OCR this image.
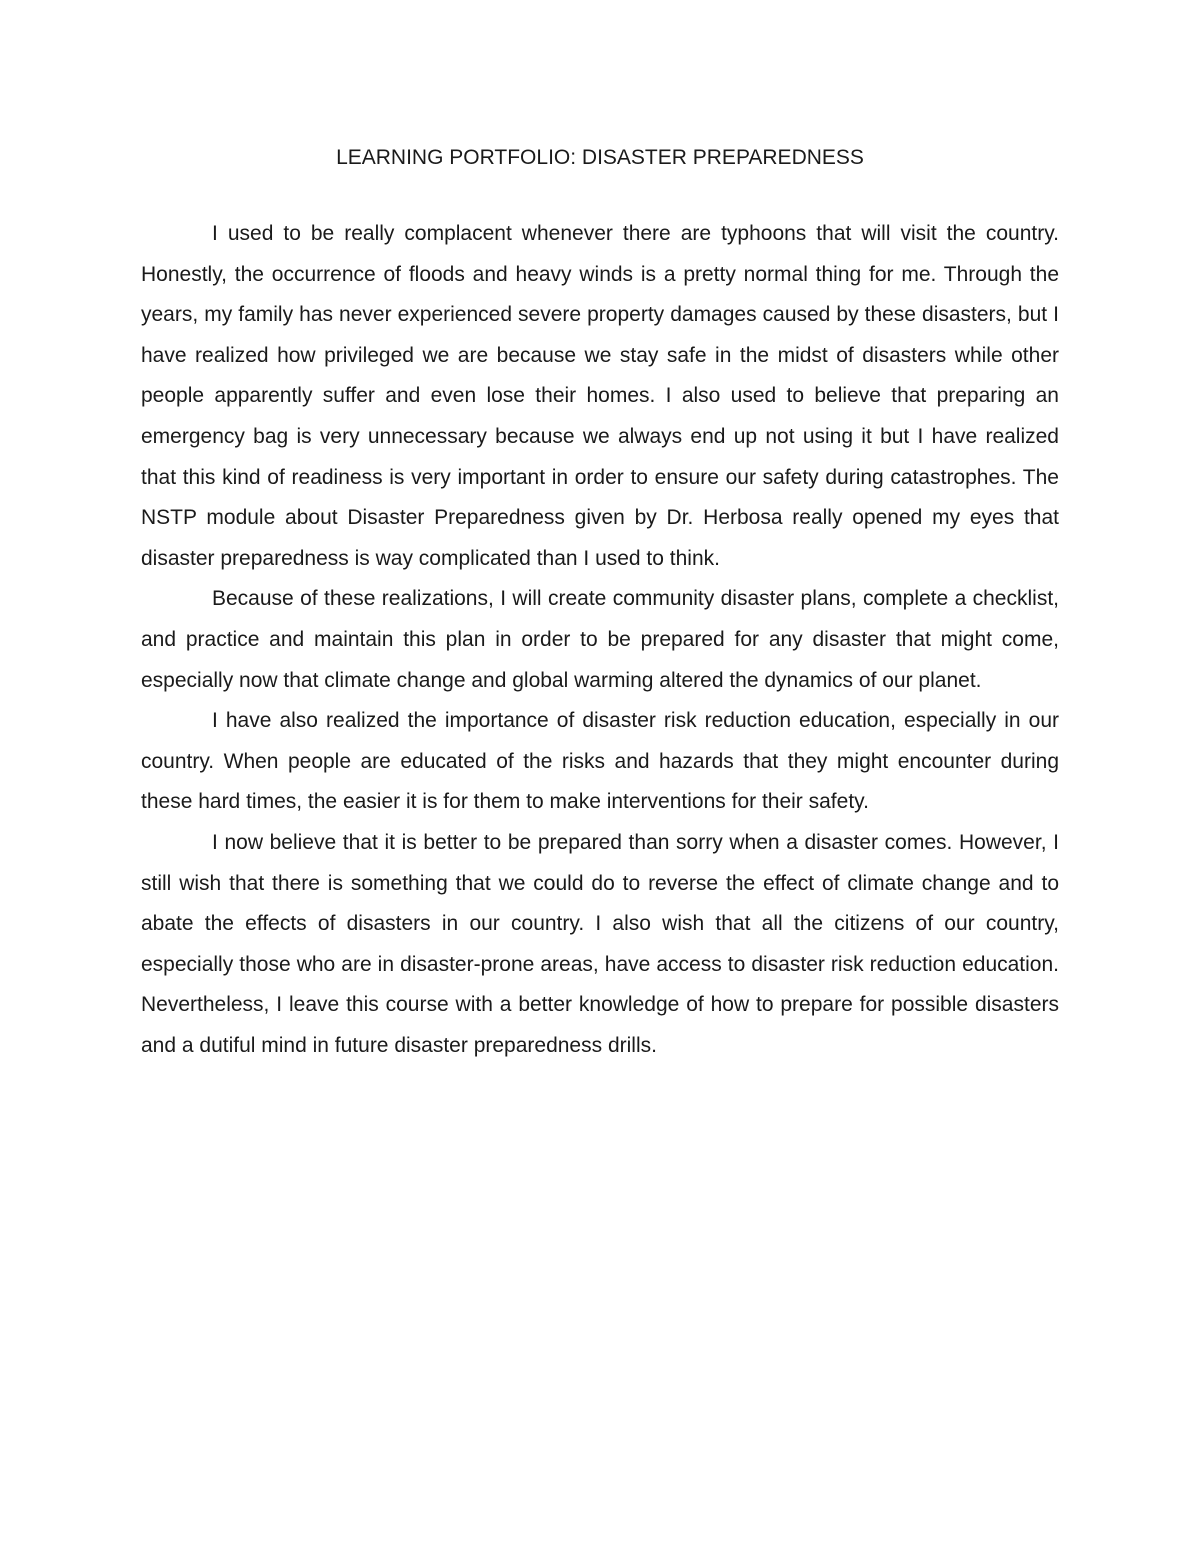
LEARNING PORTFOLIO: DISASTER PREPAREDNESS

I used to be really complacent whenever there are typhoons that will visit the country. Honestly, the occurrence of floods and heavy winds is a pretty normal thing for me. Through the years, my family has never experienced severe property damages caused by these disasters, but I have realized how privileged we are because we stay safe in the midst of disasters while other people apparently suffer and even lose their homes. I also used to believe that preparing an emergency bag is very unnecessary because we always end up not using it but I have realized that this kind of readiness is very important in order to ensure our safety during catastrophes. The NSTP module about Disaster Preparedness given by Dr. Herbosa really opened my eyes that disaster preparedness is way complicated than I used to think.

Because of these realizations, I will create community disaster plans, complete a checklist, and practice and maintain this plan in order to be prepared for any disaster that might come, especially now that climate change and global warming altered the dynamics of our planet.

I have also realized the importance of disaster risk reduction education, especially in our country. When people are educated of the risks and hazards that they might encounter during these hard times, the easier it is for them to make interventions for their safety.

I now believe that it is better to be prepared than sorry when a disaster comes. However, I still wish that there is something that we could do to reverse the effect of climate change and to abate the effects of disasters in our country. I also wish that all the citizens of our country, especially those who are in disaster-prone areas, have access to disaster risk reduction education. Nevertheless, I leave this course with a better knowledge of how to prepare for possible disasters and a dutiful mind in future disaster preparedness drills.
